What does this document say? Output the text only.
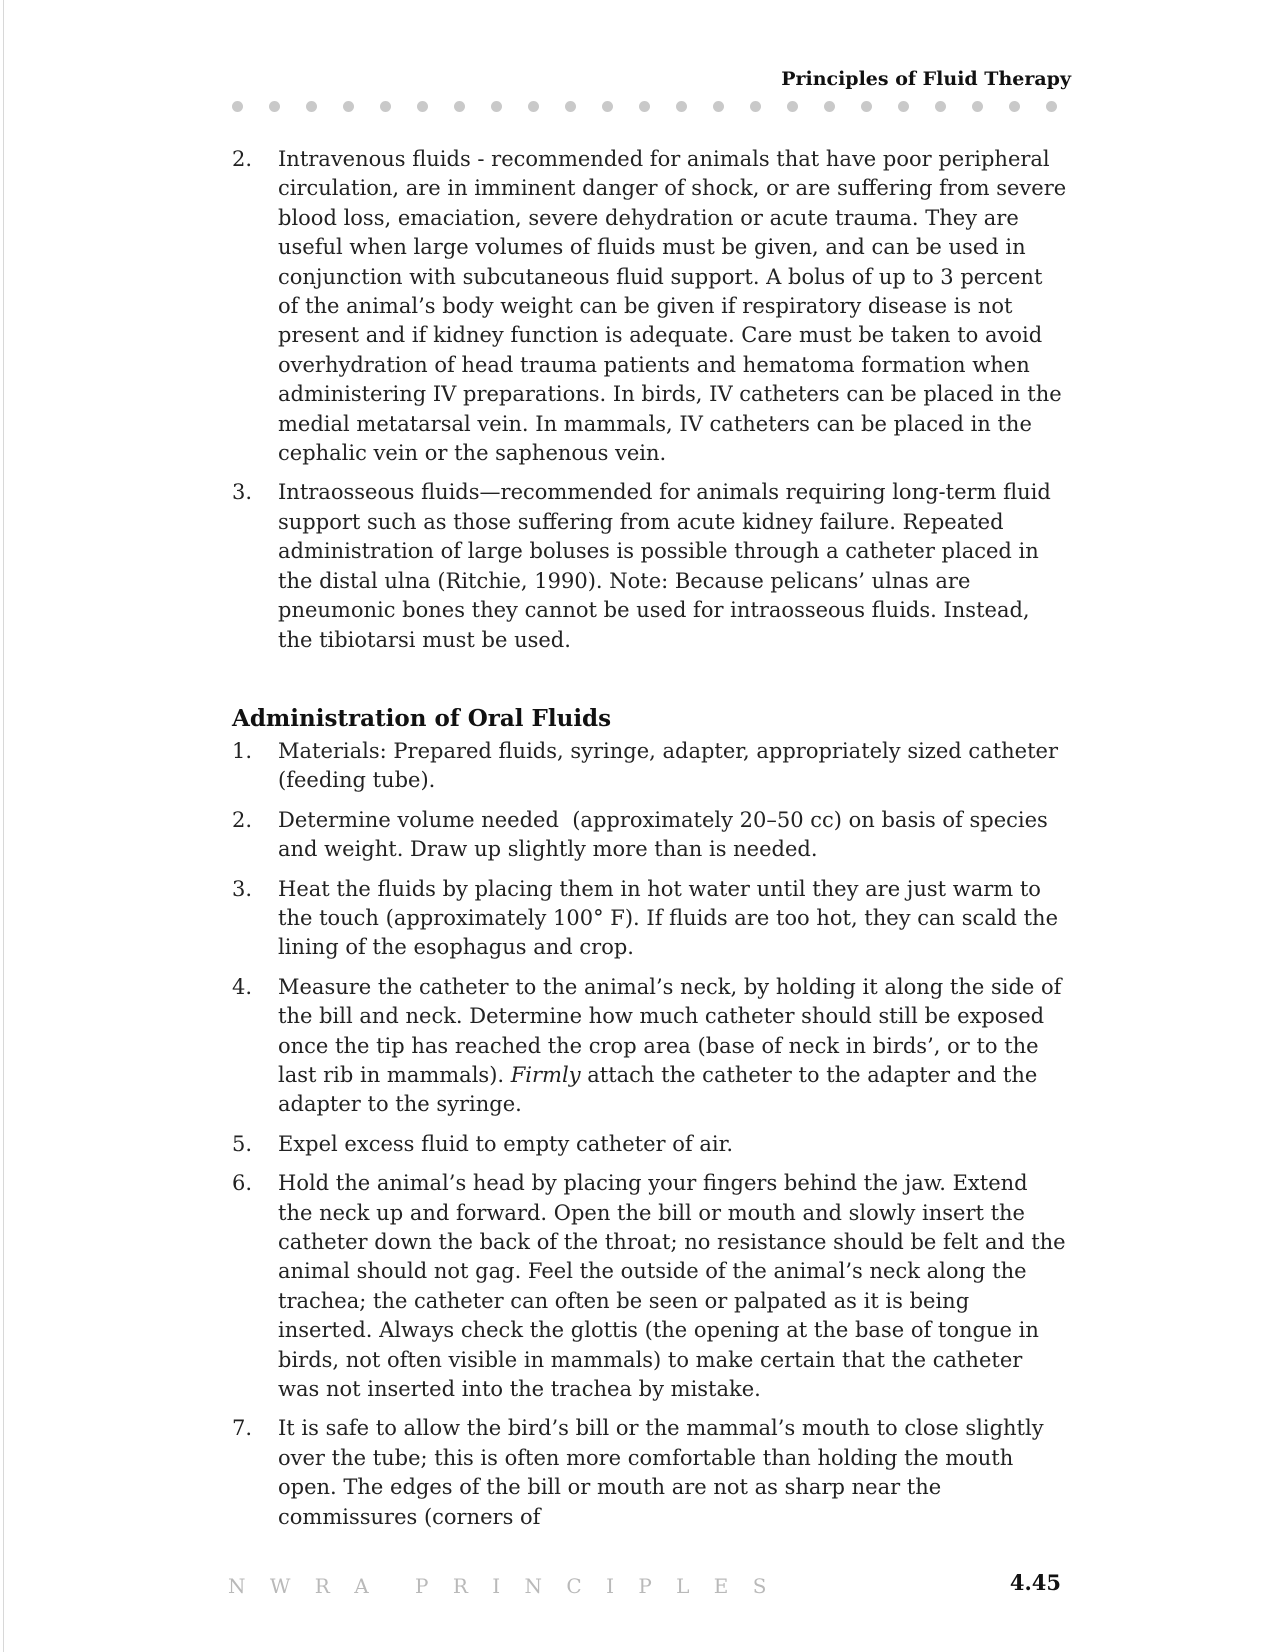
Principles of Fluid Therapy
2.	Intravenous fluids - recommended for animals that have poor peripheral circulation, are in imminent danger of shock, or are suffering from severe blood loss, emaciation, severe dehydration or acute trauma. They are useful when large volumes of fluids must be given, and can be used in conjunction with subcutaneous fluid support. A bolus of up to 3 percent of the animal’s body weight can be given if respiratory disease is not present and if kidney function is adequate. Care must be taken to avoid overhydration of head trauma patients and hematoma formation when administering IV preparations. In birds, IV catheters can be placed in the medial metatarsal vein. In mammals, IV catheters can be placed in the cephalic vein or the saphenous vein.
3.	Intraosseous fluids—recommended for animals requiring long-term fluid support such as those suffering from acute kidney failure. Repeated administration of large boluses is possible through a catheter placed in the distal ulna (Ritchie, 1990). Note: Because pelicans’ ulnas are pneumonic bones they cannot be used for intraosseous fluids. Instead, the tibiotarsi must be used.
Administration of Oral Fluids
1.	Materials: Prepared fluids, syringe, adapter, appropriately sized catheter (feeding tube).
2.	Determine volume needed  (approximately 20–50 cc) on basis of species and weight. Draw up slightly more than is needed.
3.	Heat the fluids by placing them in hot water until they are just warm to the touch (approximately 100° F). If fluids are too hot, they can scald the lining of the esophagus and crop.
4.	Measure the catheter to the animal’s neck, by holding it along the side of the bill and neck. Determine how much catheter should still be exposed once the tip has reached the crop area (base of neck in birds’, or to the last rib in mammals). Firmly attach the catheter to the adapter and the adapter to the syringe.
5.	Expel excess fluid to empty catheter of air.
6.	Hold the animal’s head by placing your fingers behind the jaw. Extend the neck up and forward. Open the bill or mouth and slowly insert the catheter down the back of the throat; no resistance should be felt and the animal should not gag. Feel the outside of the animal’s neck along the trachea; the catheter can often be seen or palpated as it is being inserted. Always check the glottis (the opening at the base of tongue in birds, not often visible in mammals) to make certain that the catheter was not inserted into the trachea by mistake.
7.	It is safe to allow the bird’s bill or the mammal’s mouth to close slightly over the tube; this is often more comfortable than holding the mouth open. The edges of the bill or mouth are not as sharp near the commissures (corners of
N W R A P R I N C I P L E S	4.45
